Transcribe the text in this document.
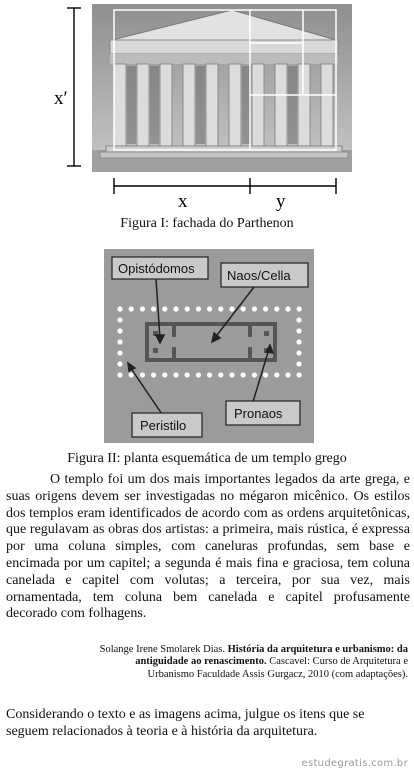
x′
x	y
Figura I: fachada do Parthenon
Opistódomos Naos/Cella
Peristilo
Pronaos
Figura II: planta esquemática de um templo grego

O templo foi um dos mais importantes legados da arte grega, e suas origens devem ser investigadas no mégaron micênico. Os estilos dos templos eram identificados de acordo com as ordens arquitetônicas, que regulavam as obras dos artistas: a primeira, mais rústica, é expressa por uma coluna simples, com caneluras profundas, sem base e encimada por um capitel; a segunda é mais fina e graciosa, tem coluna canelada e capitel com volutas; a terceira, por sua vez, mais ornamentada, tem coluna bem canelada e capitel profusamente decorado com folhagens.

Solange Irene Smolarek Dias. História da arquitetura e urbanismo: da antiguidade ao renascimento. Cascavel: Curso de Arquitetura e Urbanismo Faculdade Assis Gurgacz, 2010 (com adaptações).

Considerando o texto e as imagens acima, julgue os itens que se seguem relacionados à teoria e à história da arquitetura.

estudegratis.com.br
